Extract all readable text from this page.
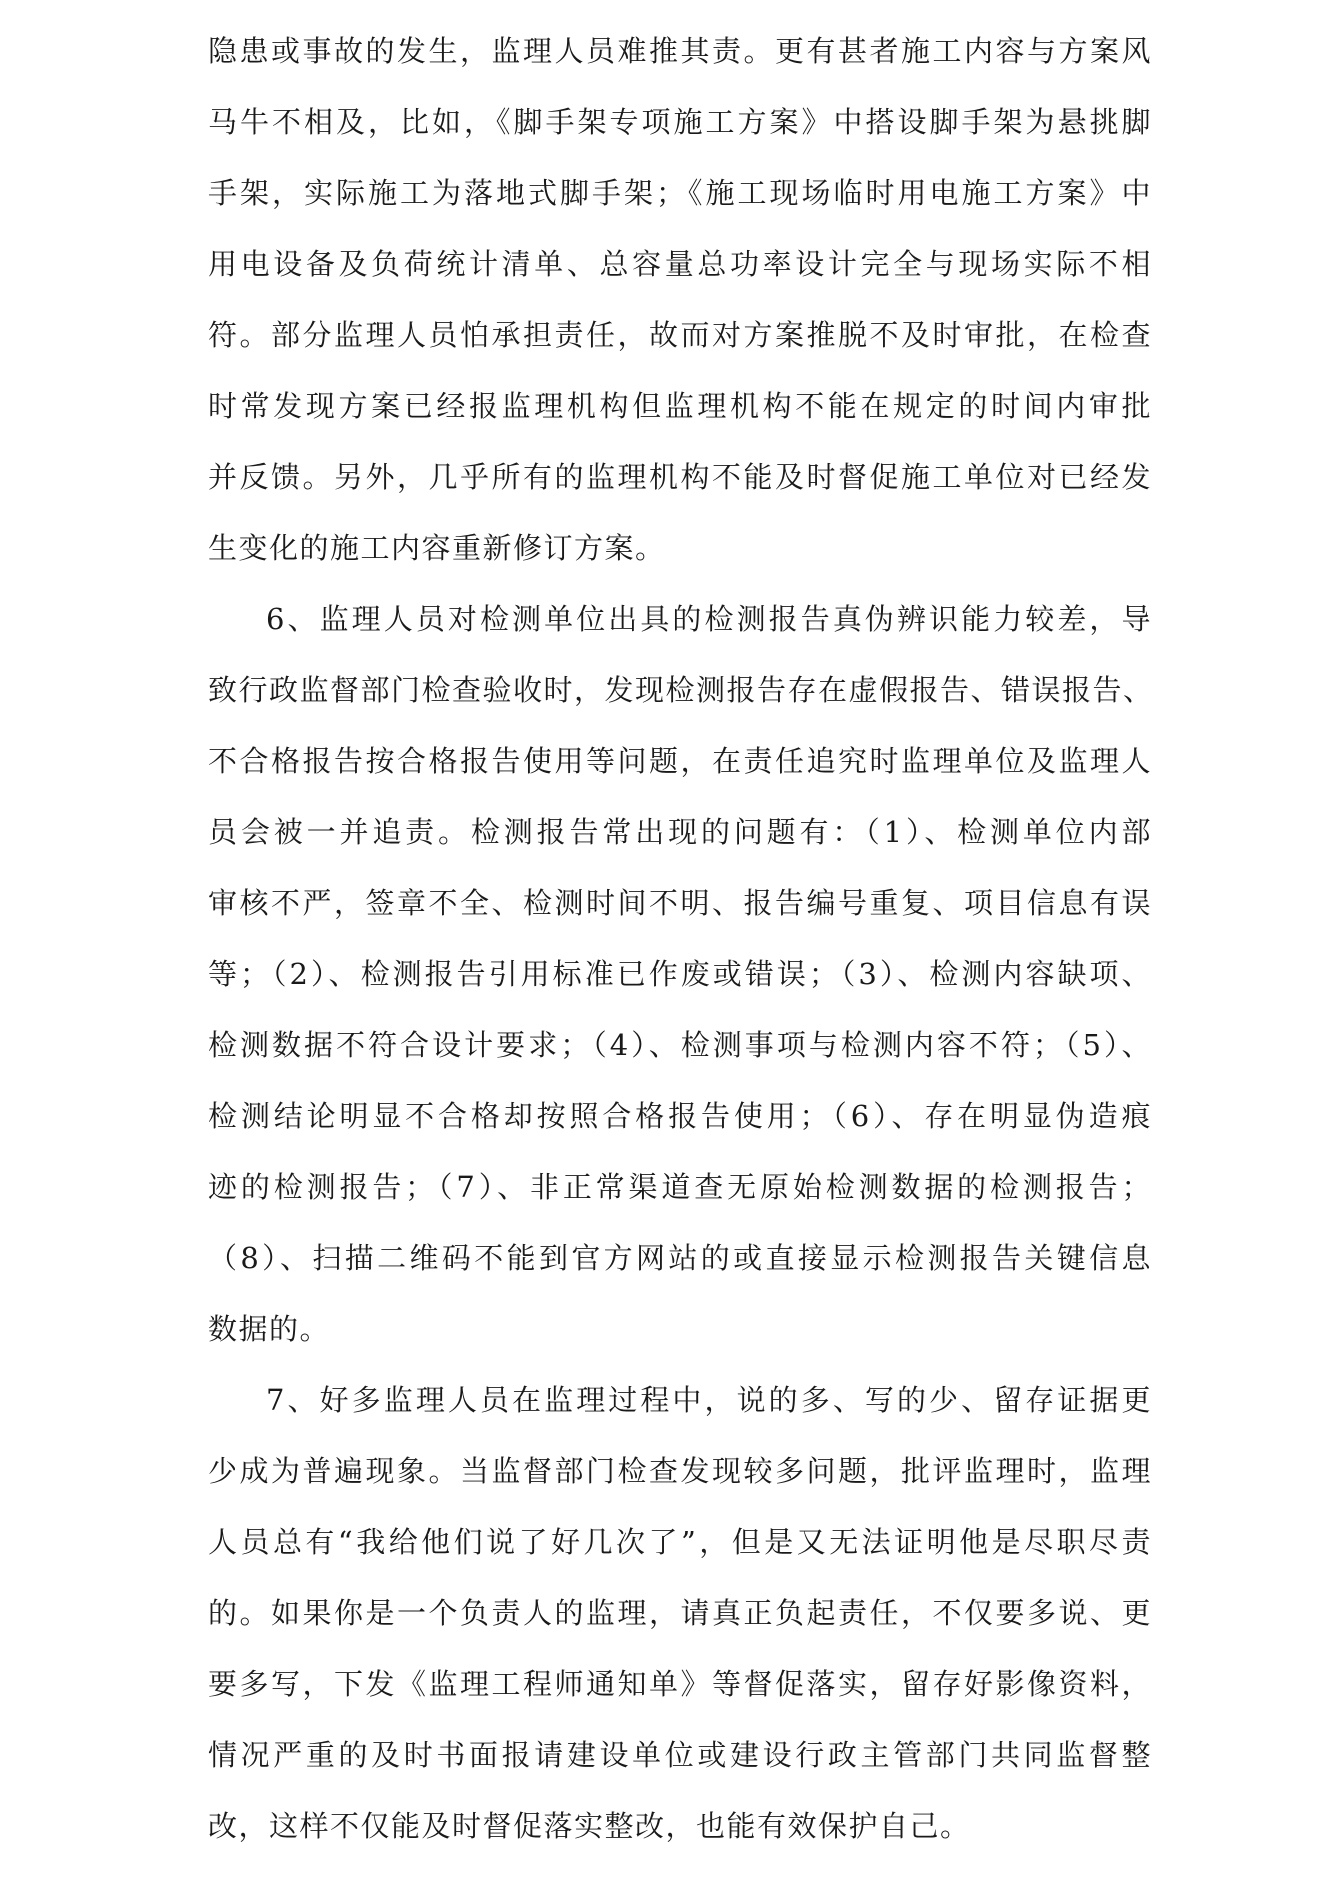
隐患或事故的发生，监理人员难推其责。更有甚者施工内容与方案风
马牛不相及，比如，《脚手架专项施工方案》中搭设脚手架为悬挑脚
手架，实际施工为落地式脚手架；《施工现场临时用电施工方案》中
用电设备及负荷统计清单、总容量总功率设计完全与现场实际不相
符。部分监理人员怕承担责任，故而对方案推脱不及时审批，在检查
时常发现方案已经报监理机构但监理机构不能在规定的时间内审批
并反馈。另外，几乎所有的监理机构不能及时督促施工单位对已经发
生变化的施工内容重新修订方案。
6、监理人员对检测单位出具的检测报告真伪辨识能力较差，导
致行政监督部门检查验收时，发现检测报告存在虚假报告、错误报告、
不合格报告按合格报告使用等问题，在责任追究时监理单位及监理人
员会被一并追责。检测报告常出现的问题有：（1）、检测单位内部
审核不严，签章不全、检测时间不明、报告编号重复、项目信息有误
等；（2）、检测报告引用标准已作废或错误；（3）、检测内容缺项、
检测数据不符合设计要求；（4）、检测事项与检测内容不符；（5）、
检测结论明显不合格却按照合格报告使用；（6）、存在明显伪造痕
迹的检测报告；（7）、非正常渠道查无原始检测数据的检测报告；
（8）、扫描二维码不能到官方网站的或直接显示检测报告关键信息
数据的。
7、好多监理人员在监理过程中，说的多、写的少、留存证据更
少成为普遍现象。当监督部门检查发现较多问题，批评监理时，监理
人员总有“我给他们说了好几次了”，但是又无法证明他是尽职尽责
的。如果你是一个负责人的监理，请真正负起责任，不仅要多说、更
要多写，下发《监理工程师通知单》等督促落实，留存好影像资料，
情况严重的及时书面报请建设单位或建设行政主管部门共同监督整
改，这样不仅能及时督促落实整改，也能有效保护自己。
